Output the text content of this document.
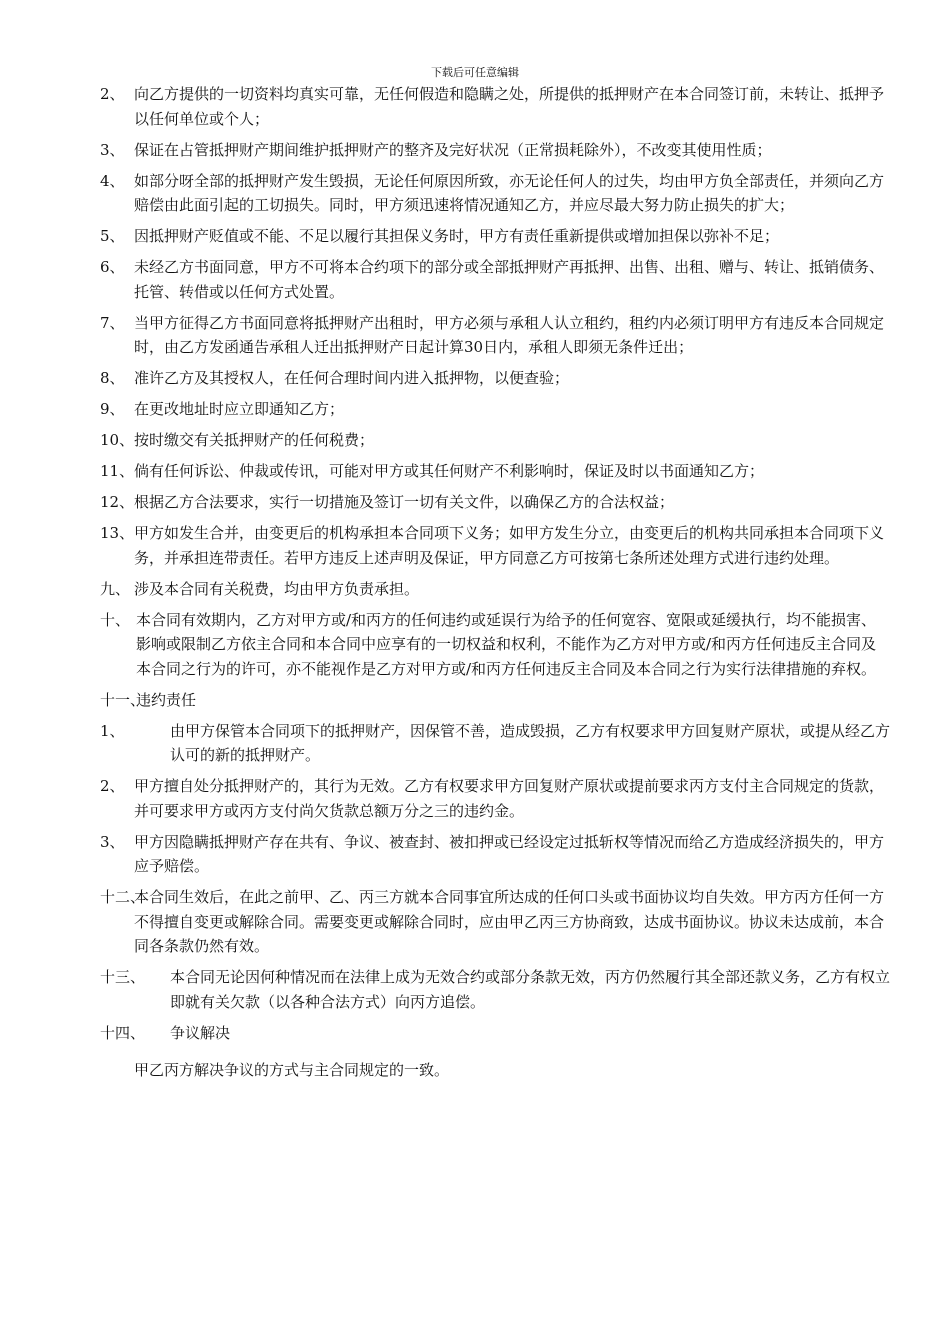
下载后可任意编辑
2、 向乙方提供的一切资料均真实可靠，无任何假造和隐瞒之处，所提供的抵押财产在本合同签订前，未转让、抵押予以任何单位或个人；
3、 保证在占管抵押财产期间维护抵押财产的整齐及完好状况（正常损耗除外），不改变其使用性质；
4、 如部分呀全部的抵押财产发生毁损，无论任何原因所致，亦无论任何人的过失，均由甲方负全部责任，并须向乙方赔偿由此面引起的工切损失。同时，甲方须迅速将情况通知乙方，并应尽最大努力防止损失的扩大；
5、 因抵押财产贬值或不能、不足以履行其担保义务时，甲方有责任重新提供或增加担保以弥补不足；
6、 未经乙方书面同意，甲方不可将本合约项下的部分或全部抵押财产再抵押、出售、出租、赠与、转让、抵销债务、托管、转借或以任何方式处置。
7、 当甲方征得乙方书面同意将抵押财产出租时，甲方必须与承租人认立租约，租约内必须订明甲方有违反本合同规定时，由乙方发函通告承租人迁出抵押财产日起计算30日内，承租人即须无条件迁出；
8、 准许乙方及其授权人，在任何合理时间内进入抵押物，以便查验；
9、 在更改地址时应立即通知乙方；
10、 按时缴交有关抵押财产的任何税费；
11、 倘有任何诉讼、仲裁或传讯，可能对甲方或其任何财产不利影响时，保证及时以书面通知乙方；
12、 根据乙方合法要求，实行一切措施及签订一切有关文件，以确保乙方的合法权益；
13、 甲方如发生合并，由变更后的机构承担本合同项下义务；如甲方发生分立，由变更后的机构共同承担本合同项下义务，并承担连带责任。若甲方违反上述声明及保证，甲方同意乙方可按第七条所述处理方式进行违约处理。
九、 涉及本合同有关税费，均由甲方负责承担。
十、 本合同有效期内，乙方对甲方或/和丙方的任何违约或延误行为给予的任何宽容、宽限或延缓执行，均不能损害、影响或限制乙方依主合同和本合同中应享有的一切权益和权利，不能作为乙方对甲方或/和丙方任何违反主合同及本合同之行为的许可，亦不能视作是乙方对甲方或/和丙方任何违反主合同及本合同之行为实行法律措施的弃权。
十一、
违约责任
1、	由甲方保管本合同项下的抵押财产，因保管不善，造成毁损，乙方有权要求甲方回复财产原状，或提从经乙方认可的新的抵押财产。
2、 甲方擅自处分抵押财产的，其行为无效。乙方有权要求甲方回复财产原状或提前要求丙方支付主合同规定的货款，并可要求甲方或丙方支付尚欠货款总额万分之三的违约金。
3、 甲方因隐瞒抵押财产存在共有、争议、被查封、被扣押或已经设定过抵斩权等情况而给乙方造成经济损失的，甲方应予赔偿。
十二、
本合同生效后，在此之前甲、乙、丙三方就本合同事宜所达成的任何口头或书面协议均自失效。甲方丙方任何一方不得擅自变更或解除合同。需要变更或解除合同时，应由甲乙丙三方协商致，达成书面协议。协议未达成前，本合同各条款仍然有效。
十三、	本合同无论因何种情况而在法律上成为无效合约或部分条款无效，丙方仍然履行其全部还款义务，乙方有权立即就有关欠款（以各种合法方式）向丙方追偿。
十四、	争议解决
甲乙丙方解决争议的方式与主合同规定的一致。
